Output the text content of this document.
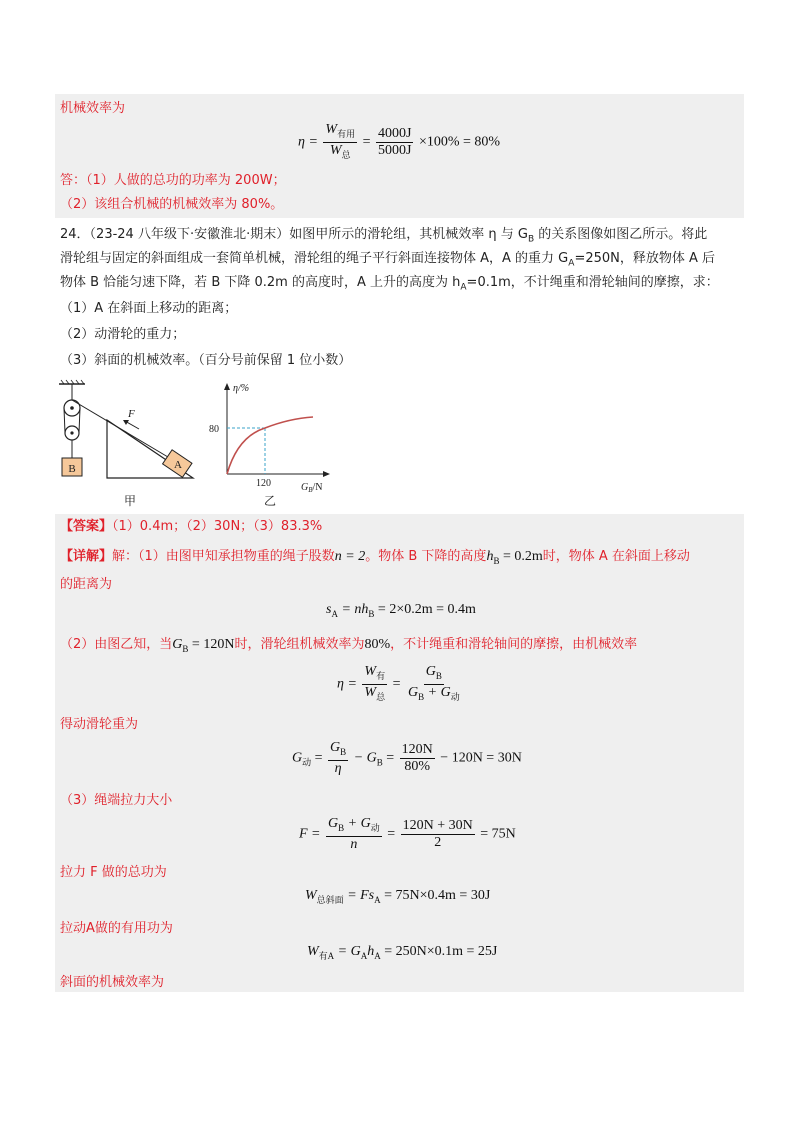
机械效率为
$\eta = \frac{W_{有用}}{W_总} = \frac{4000J}{5000J} \times 100\% = 80\%$
答：（1）人做的总功的功率为 200W；
（2）该组合机械的机械效率为 80%。
24．（23-24 八年级下·安徽淮北·期末）如图甲所示的滑轮组，其机械效率 η 与 $G_B$ 的关系图像如图乙所示。将此
滑轮组与固定的斜面组成一套简单机械，滑轮组的绳子平行斜面连接物体 A，A 的重力 $G_A=250N$，释放物体 A 后
物体 B 恰能匀速下降，若 B 下降 0.2m 的高度时，A 上升的高度为 $h_A=0.1m$，不计绳重和滑轮轴间的摩擦，求：
（1）A 在斜面上移动的距离；
（2）动滑轮的重力；
（3）斜面的机械效率。（百分号前保留 1 位小数）
B
F
A
甲
η/%
$G_B/N$
80
120
乙
【答案】（1）0.4m；（2）30N；（3）83.3%
【详解】解：（1）由图甲知承担物重的绳子股数n = 2。物体 B 下降的高度$h_B = 0.2m$时，物体 A 在斜面上移动
的距离为
$s_A = nh_B = 2\times 0.2m = 0.4m$
（2）由图乙知，当$G_B = 120N$时，滑轮组机械效率为80%，不计绳重和滑轮轴间的摩擦，由机械效率
$\eta = \frac{W_有}{W_总} = \frac{G_B}{G_B + G_动}$
得动滑轮重为
$G_动 = \frac{G_B}{\eta} - G_B = \frac{120N}{80\%} - 120N = 30N$
（3）绳端拉力大小
$F = \frac{G_B + G_动}{n} = \frac{120N + 30N}{2} = 75N$
拉力 F 做的总功为
$W_{总斜面} = Fs_A = 75N\times 0.4m = 30J$
拉动A做的有用功为
$W_{有A} = G_Ah_A = 250N\times 0.1m = 25J$
斜面的机械效率为
